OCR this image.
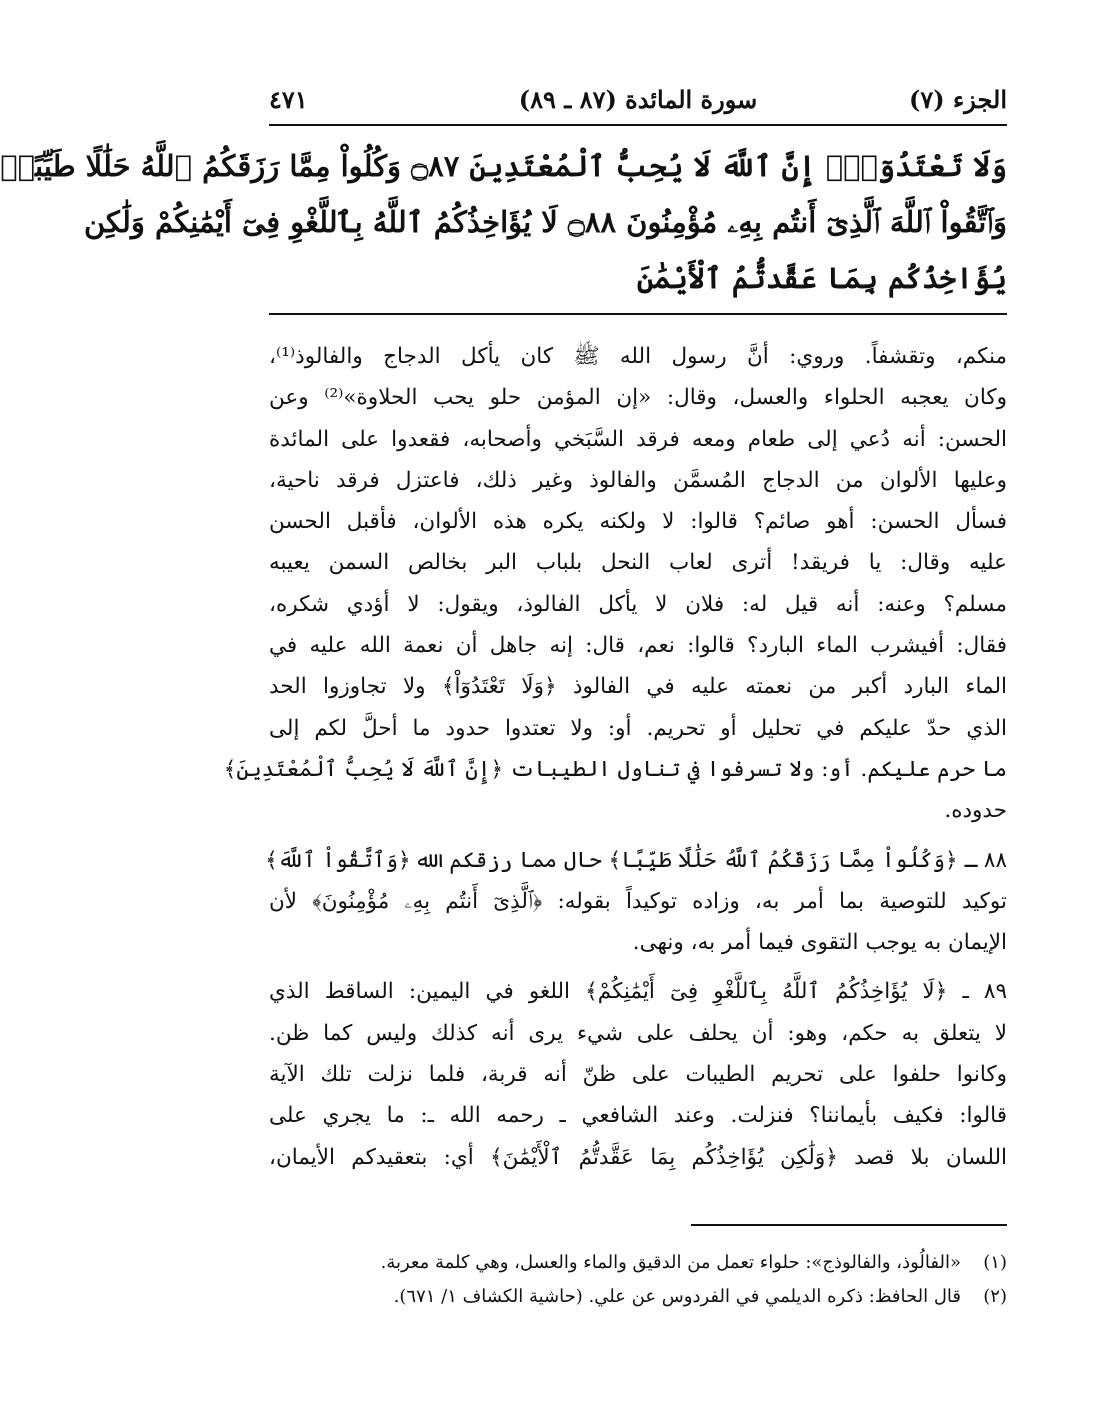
الجزء (٧)
سورة المائدة (٨٧ ـ ٨٩)
٤٧١
وَلَا تَعْتَدُوٓاْۚ إِنَّ ٱللَّهَ لَا يُحِبُّ ٱلْمُعْتَدِينَ ۝٨٧ وَكُلُواْ مِمَّا رَزَقَكُمُ ٱللَّهُ حَلَٰلًا طَيِّبًاۚ
وَٱتَّقُواْ ٱللَّهَ ٱلَّذِىٓ أَنتُم بِهِۦ مُؤْمِنُونَ ۝٨٨ لَا يُؤَاخِذُكُمُ ٱللَّهُ بِٱللَّغْوِ فِىٓ أَيْمَٰنِكُمْ وَلَٰكِن
يُؤَاخِذُكُم بِمَا عَقَّدتُّمُ ٱلْأَيْمَٰنَ
منكم، وتقشفاً. وروي: أنَّ رسول الله ﷺ كان يأكل الدجاج والفالوذ⁽¹⁾،
وكان يعجبه الحلواء والعسل، وقال: «إن المؤمن حلو يحب الحلاوة»⁽²⁾ وعن
الحسن: أنه دُعي إلى طعام ومعه فرقد السَّبَخي وأصحابه، فقعدوا على المائدة
وعليها الألوان من الدجاج المُسمَّن والفالوذ وغير ذلك، فاعتزل فرقد ناحية،
فسأل الحسن: أهو صائم؟ قالوا: لا ولكنه يكره هذه الألوان، فأقبل الحسن
عليه وقال: يا فريقد! أترى لعاب النحل بلباب البر بخالص السمن يعيبه
مسلم؟ وعنه: أنه قيل له: فلان لا يأكل الفالوذ، ويقول: لا أؤدي شكره،
فقال: أفيشرب الماء البارد؟ قالوا: نعم، قال: إنه جاهل أن نعمة الله عليه في
الماء البارد أكبر من نعمته عليه في الفالوذ ﴿وَلَا تَعْتَدُوٓاْ﴾ ولا تجاوزوا الحد
الذي حدّ عليكم في تحليل أو تحريم. أو: ولا تعتدوا حدود ما أحلَّ لكم إلى
ما حرم عليكم. أو: ولا تسرفوا في تناول الطيبات ﴿إِنَّ ٱللَّهَ لَا يُحِبُّ ٱلْمُعْتَدِينَ﴾
حدوده.
٨٨ ـ ﴿وَكُلُواْ مِمَّا رَزَقَكُمُ ٱللَّهُ حَلَٰلًا طَيِّبًا﴾ حال مما رزقكم الله ﴿وَٱتَّقُواْ ٱللَّهَ﴾
توكيد للتوصية بما أمر به، وزاده توكيداً بقوله: ﴿ٱلَّذِىٓ أَنتُم بِهِۦ مُؤْمِنُونَ﴾ لأن
الإيمان به يوجب التقوى فيما أمر به، ونهى.
٨٩ ـ ﴿لَا يُؤَاخِذُكُمُ ٱللَّهُ بِٱللَّغْوِ فِىٓ أَيْمَٰنِكُمْ﴾ اللغو في اليمين: الساقط الذي
لا يتعلق به حكم، وهو: أن يحلف على شيء يرى أنه كذلك وليس كما ظن.
وكانوا حلفوا على تحريم الطيبات على ظنّ أنه قربة، فلما نزلت تلك الآية
قالوا: فكيف بأيماننا؟ فنزلت. وعند الشافعي ـ رحمه الله ـ: ما يجري على
اللسان بلا قصد ﴿وَلَٰكِن يُؤَاخِذُكُم بِمَا عَقَّدتُّمُ ٱلْأَيْمَٰنَ﴾ أي: بتعقيدكم الأيمان،
(١)«الفالُوذ، والفالوذج»: حلواء تعمل من الدقيق والماء والعسل، وهي كلمة معربة.
(٢)قال الحافظ: ذكره الديلمي في الفردوس عن علي. (حاشية الكشاف ١/ ٦٧١).
